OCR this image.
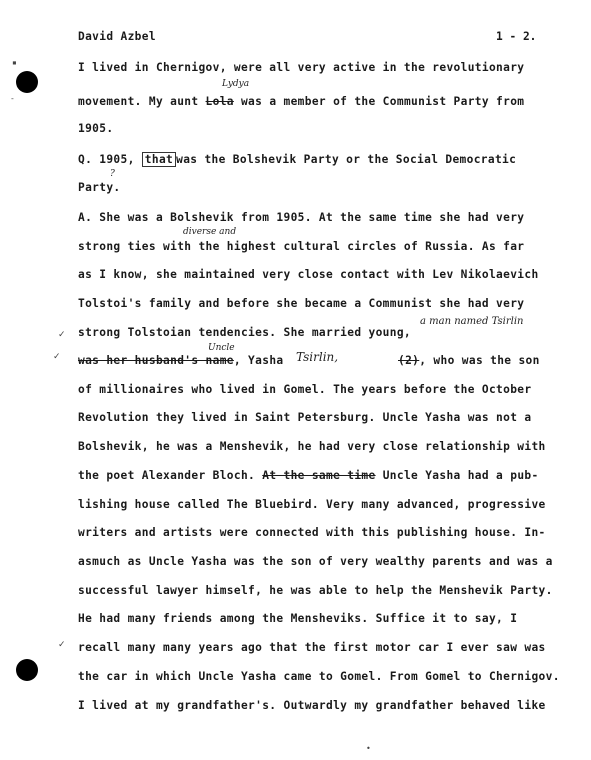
▪
-
✓
✓
✓
David Azbel	1 - 2.
I lived in Chernigov, were all very active in the revolutionary
Lydya
movement. My aunt Lola was a member of the Communist Party from
1905.
Q. 1905, that was the Bolshevik Party or the Social Democratic
?
Party.
A. She was a Bolshevik from 1905. At the same time she had very
diverse and
strong ties with the highest cultural circles of Russia. As far
as I know, she maintained very close contact with Lev Nikolaevich
Tolstoi's family and before she became a Communist she had very
strong Tolstoian tendencies. She married young,
a man named Tsirlin
Uncle
was her husband's name, Yasha Tsirlin,	(2), who was the son
of millionaires who lived in Gomel. The years before the October
Revolution they lived in Saint Petersburg. Uncle Yasha was not a
Bolshevik, he was a Menshevik, he had very close relationship with
the poet Alexander Bloch. At the same time Uncle Yasha had a pub-
lishing house called The Bluebird. Very many advanced, progressive
writers and artists were connected with this publishing house. In-
asmuch as Uncle Yasha was the son of very wealthy parents and was a
successful lawyer himself, he was able to help the Menshevik Party.
He had many friends among the Mensheviks. Suffice it to say, I
recall many many years ago that the first motor car I ever saw was
the car in which Uncle Yasha came to Gomel. From Gomel to Chernigov.
I lived at my grandfather's. Outwardly my grandfather behaved like
•
